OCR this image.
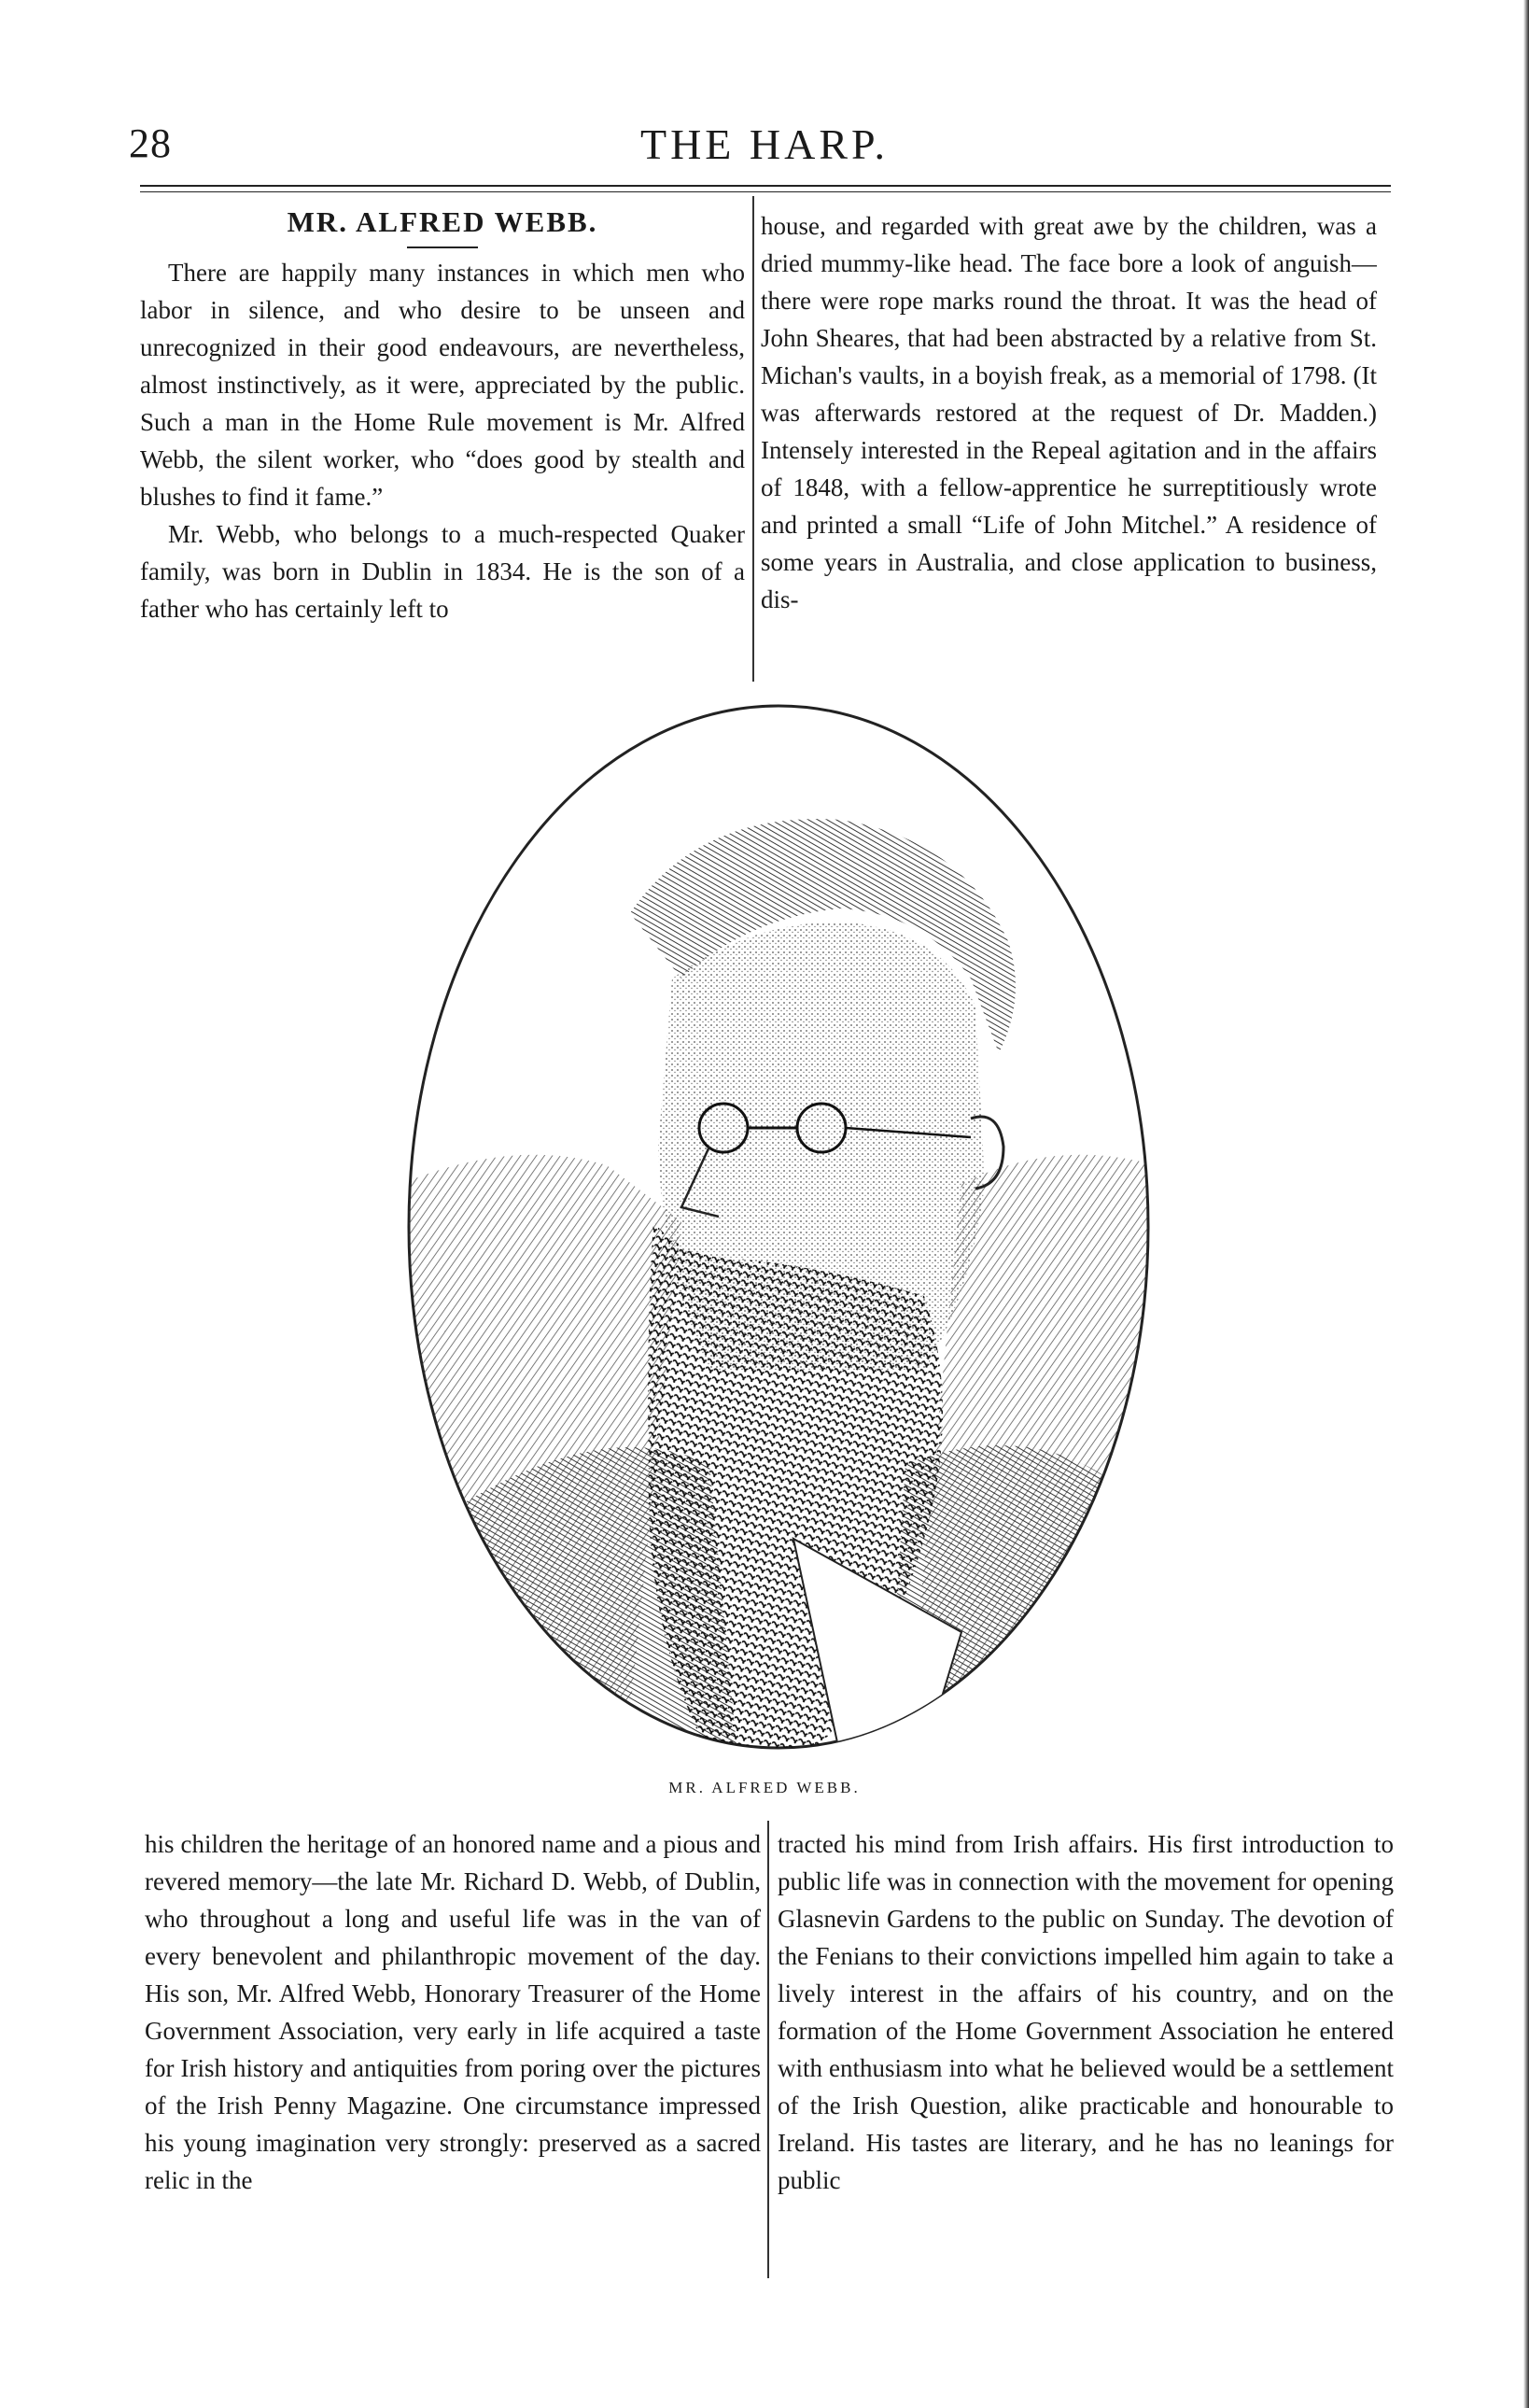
28	THE HARP.
MR. ALFRED WEBB.

There are happily many instances in which men who labor in silence, and who desire to be unseen and unrecognized in their good endeavours, are nevertheless, almost instinctively, as it were, appreciated by the public. Such a man in the Home Rule movement is Mr. Alfred Webb, the silent worker, who “does good by stealth and blushes to find it fame.”

Mr. Webb, who belongs to a much-respected Quaker family, was born in Dublin in 1834. He is the son of a father who has certainly left to

house, and regarded with great awe by the children, was a dried mummy-like head. The face bore a look of anguish—there were rope marks round the throat. It was the head of John Sheares, that had been abstracted by a relative from St. Michan's vaults, in a boyish freak, as a memorial of 1798. (It was afterwards restored at the request of Dr. Madden.) Intensely interested in the Repeal agitation and in the affairs of 1848, with a fellow-apprentice he surreptitiously wrote and printed a small “Life of John Mitchel.” A residence of some years in Australia, and close application to business, dis-

MR. ALFRED WEBB.

his children the heritage of an honored name and a pious and revered memory—the late Mr. Richard D. Webb, of Dublin, who throughout a long and useful life was in the van of every benevolent and philanthropic movement of the day. His son, Mr. Alfred Webb, Honorary Treasurer of the Home Government Association, very early in life acquired a taste for Irish history and antiquities from poring over the pictures of the Irish Penny Magazine. One circumstance impressed his young imagination very strongly: preserved as a sacred relic in the

tracted his mind from Irish affairs. His first introduction to public life was in connection with the movement for opening Glasnevin Gardens to the public on Sunday. The devotion of the Fenians to their convictions impelled him again to take a lively interest in the affairs of his country, and on the formation of the Home Government Association he entered with enthusiasm into what he believed would be a settlement of the Irish Question, alike practicable and honourable to Ireland. His tastes are literary, and he has no leanings for public
